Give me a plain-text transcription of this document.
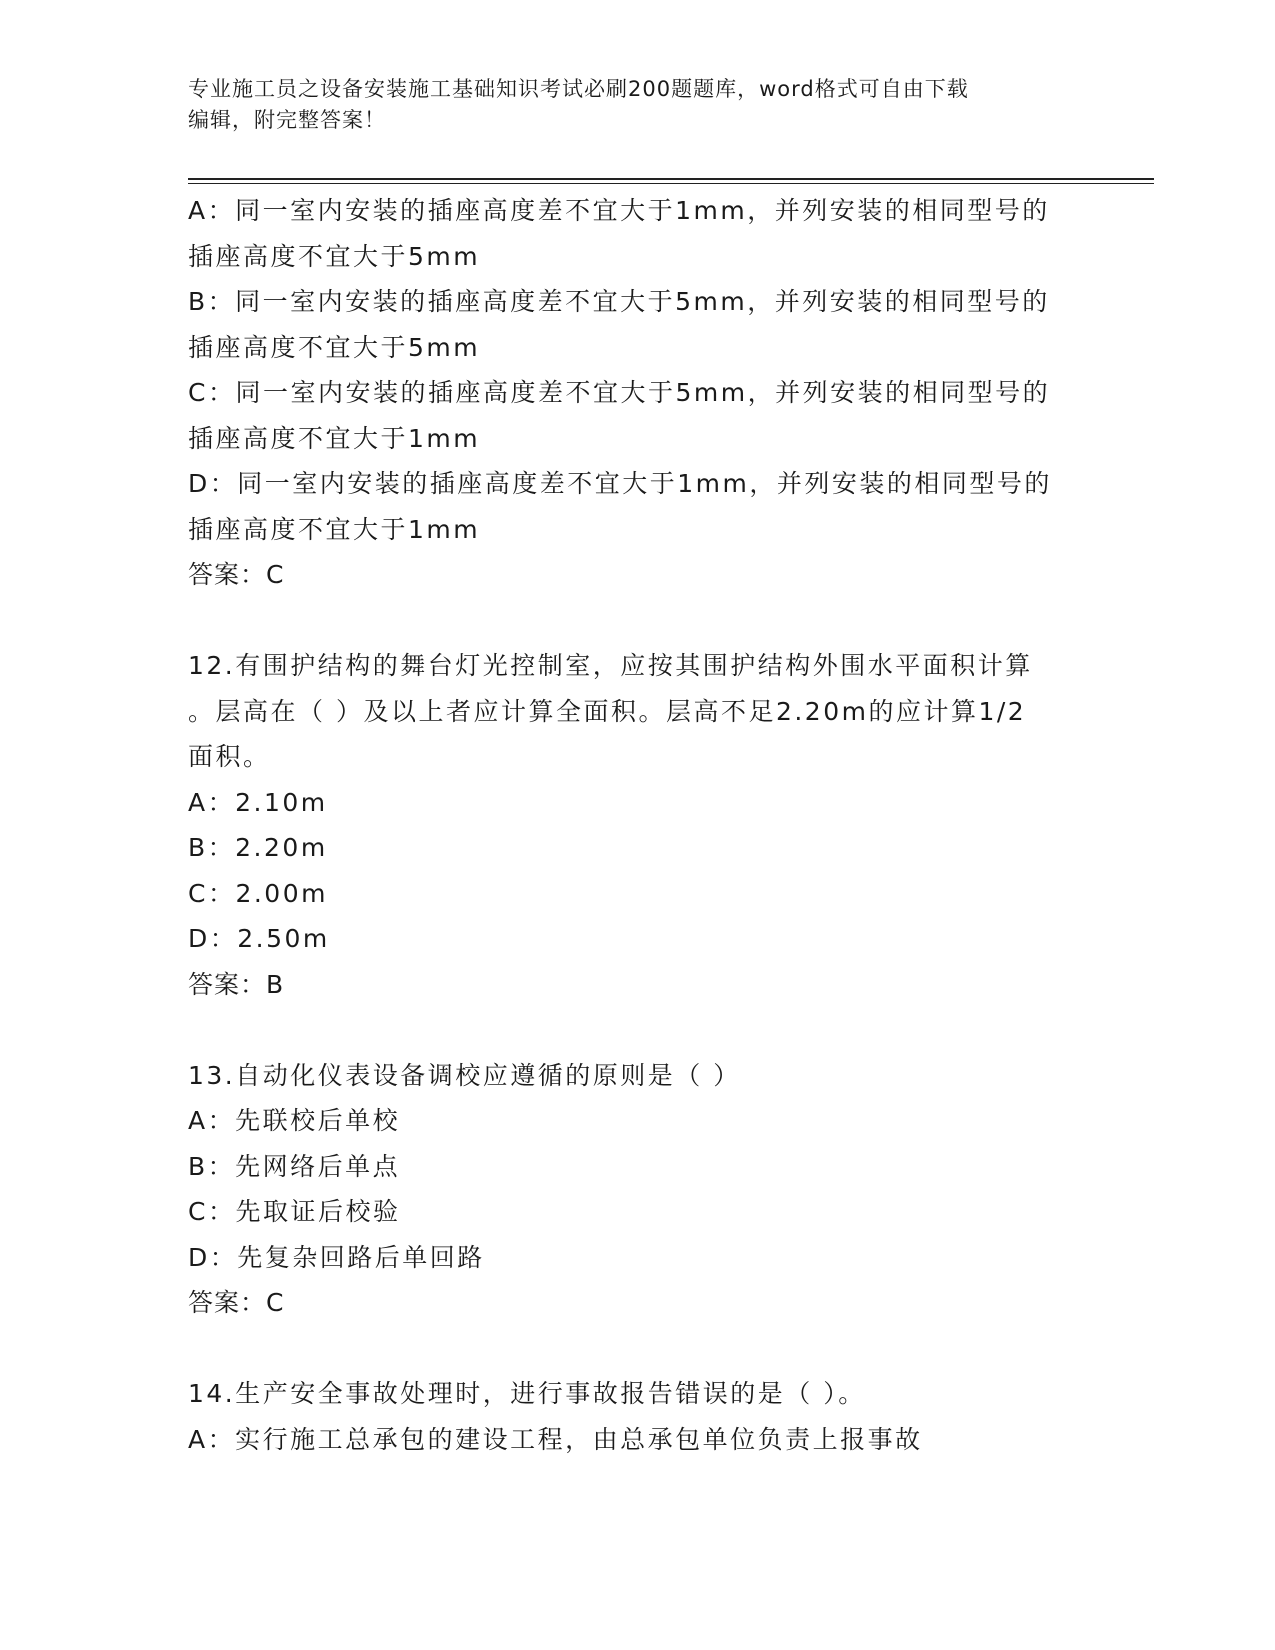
专业施工员之设备安装施工基础知识考试必刷200题题库，word格式可自由下载
编辑，附完整答案！
A：同一室内安装的插座高度差不宜大于1mm，并列安装的相同型号的
插座高度不宜大于5mm
B：同一室内安装的插座高度差不宜大于5mm，并列安装的相同型号的
插座高度不宜大于5mm
C：同一室内安装的插座高度差不宜大于5mm，并列安装的相同型号的
插座高度不宜大于1mm
D：同一室内安装的插座高度差不宜大于1mm，并列安装的相同型号的
插座高度不宜大于1mm
答案：C
12.有围护结构的舞台灯光控制室，应按其围护结构外围水平面积计算
。层高在（ ）及以上者应计算全面积。层高不足2.20m的应计算1/2
面积。
A：2.10m
B：2.20m
C：2.00m
D：2.50m
答案：B
13.自动化仪表设备调校应遵循的原则是（ ）
A：先联校后单校
B：先网络后单点
C：先取证后校验
D：先复杂回路后单回路
答案：C
14.生产安全事故处理时，进行事故报告错误的是（ ）。
A：实行施工总承包的建设工程，由总承包单位负责上报事故
